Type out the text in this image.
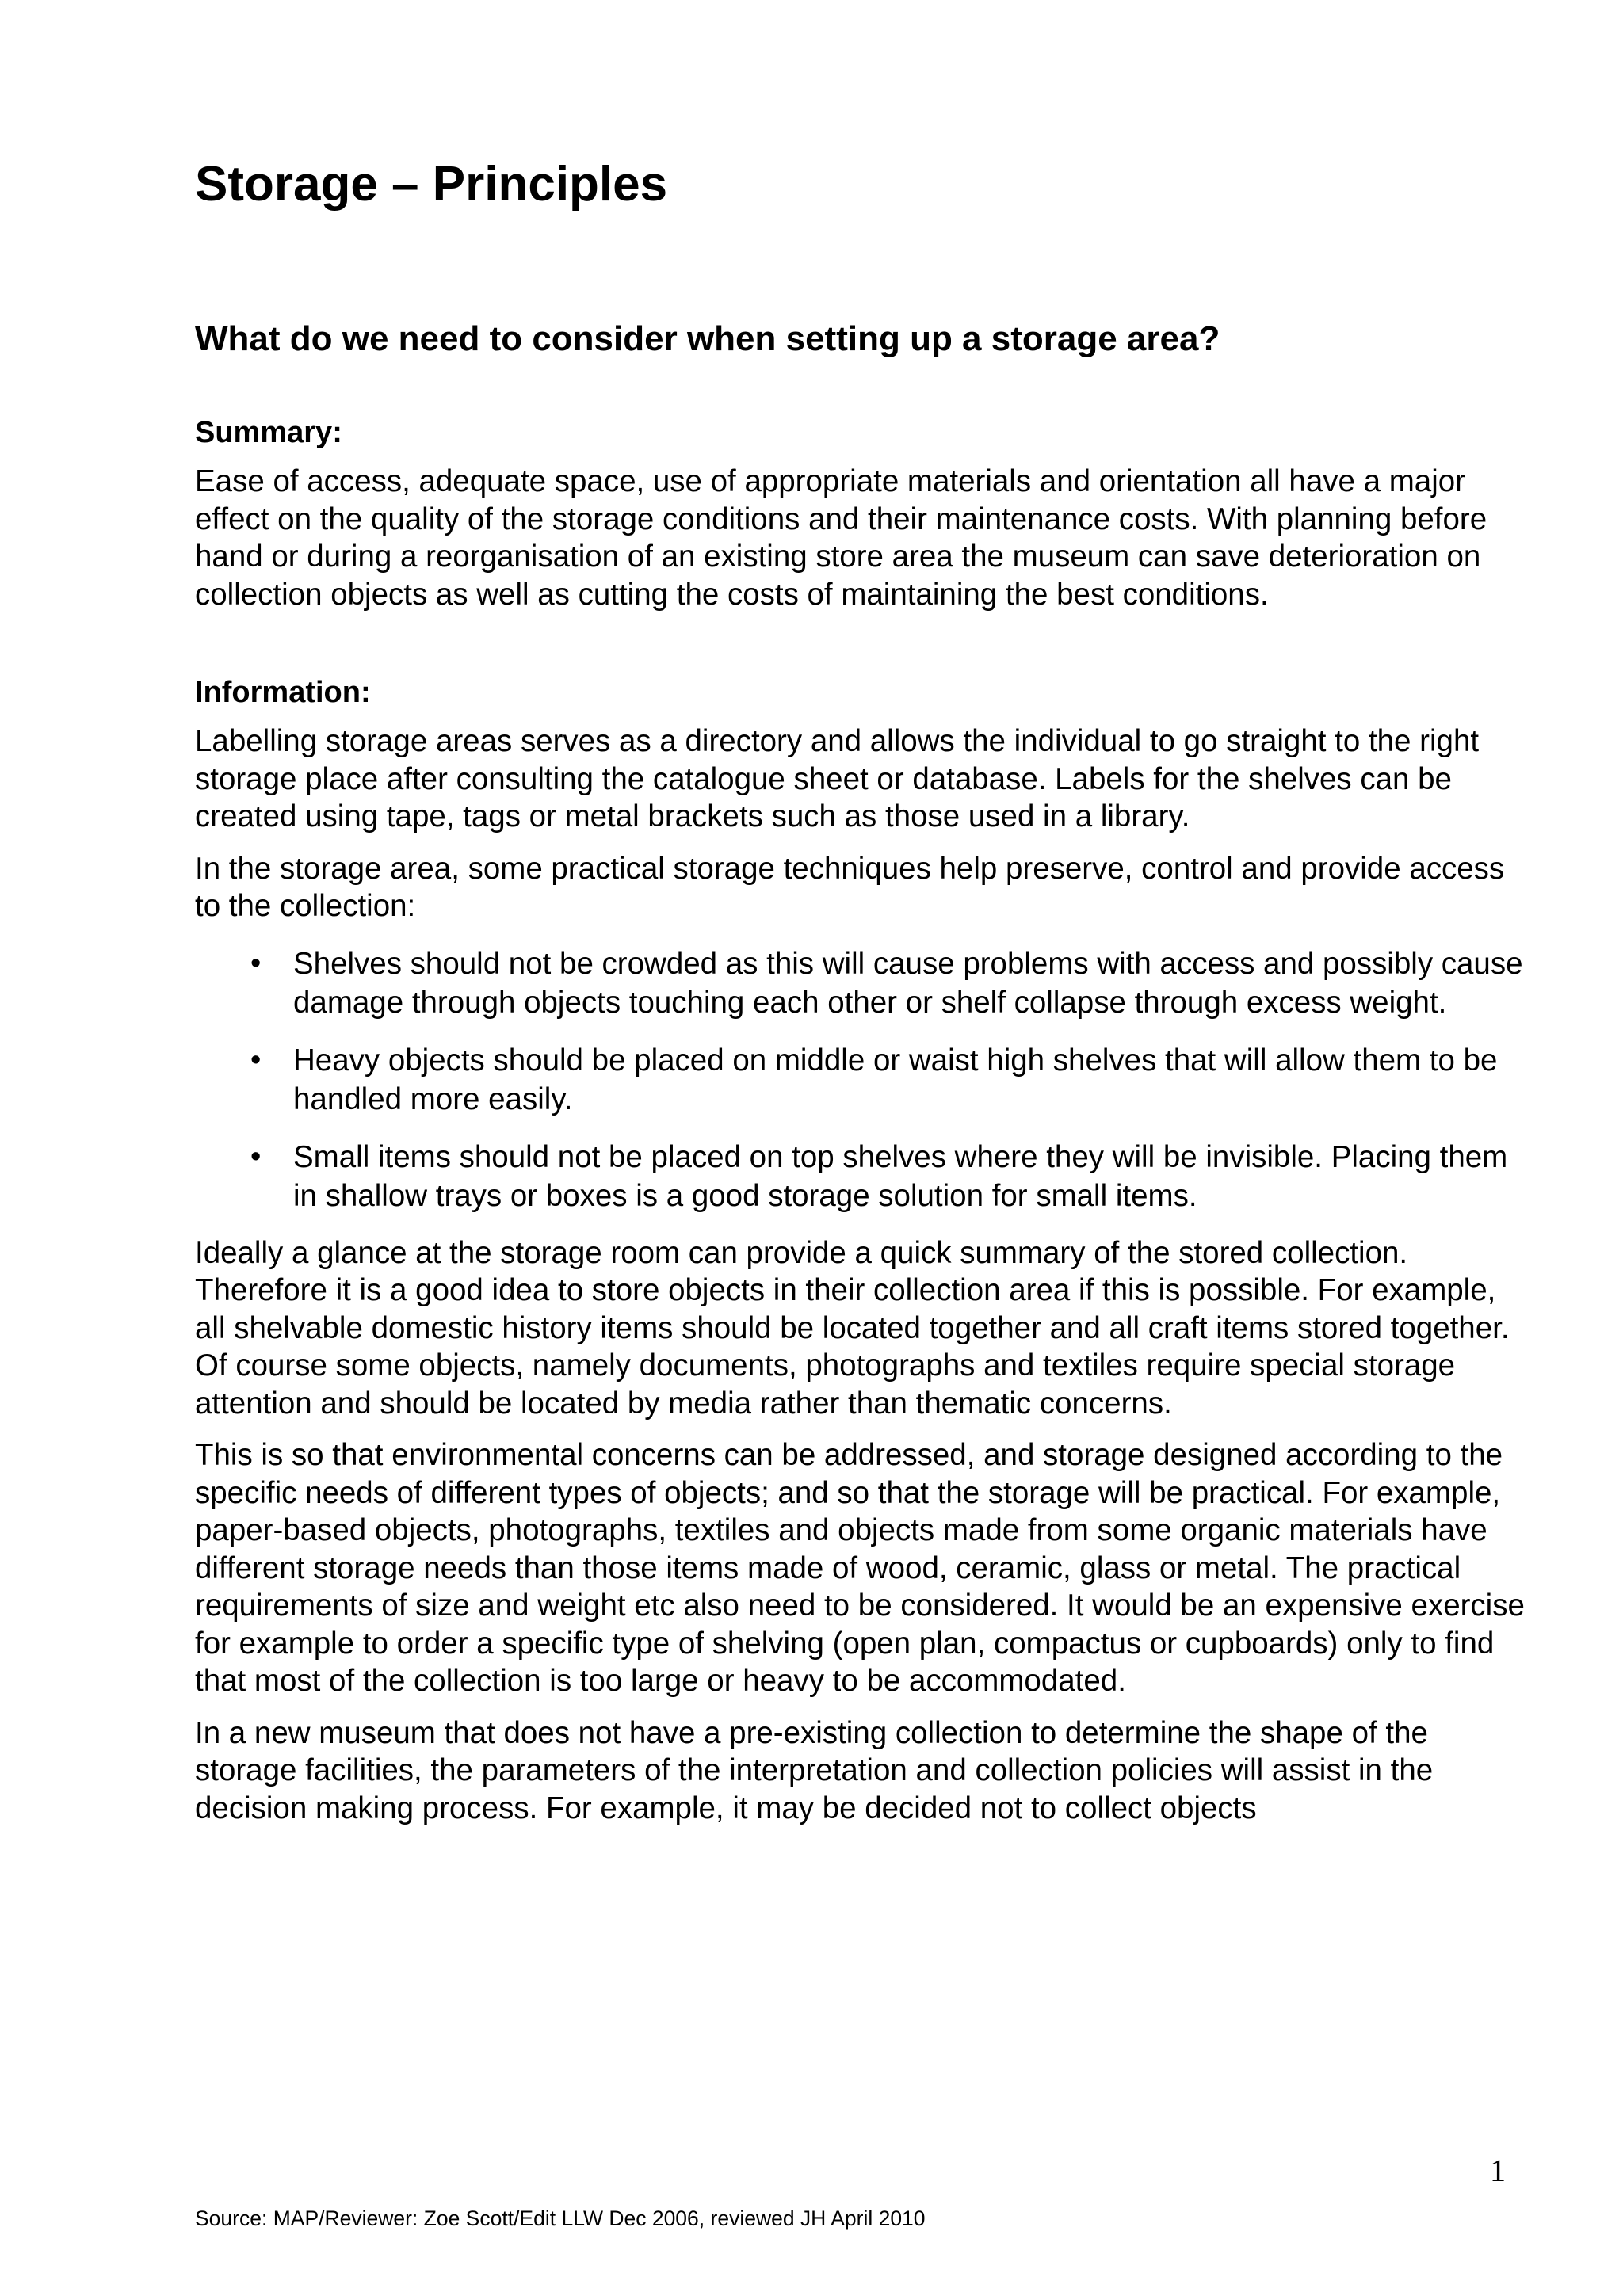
Storage – Principles
What do we need to consider when setting up a storage area?
Summary:

Ease of access, adequate space, use of appropriate materials and orientation all have a major effect on the quality of the storage conditions and their maintenance costs. With planning before hand or during a reorganisation of an existing store area the museum can save deterioration on collection objects as well as cutting the costs of maintaining the best conditions.

Information:

Labelling storage areas serves as a directory and allows the individual to go straight to the right storage place after consulting the catalogue sheet or database. Labels for the shelves can be created using tape, tags or metal brackets such as those used in a library.

In the storage area, some practical storage techniques help preserve, control and provide access to the collection:

• Shelves should not be crowded as this will cause problems with access and possibly cause damage through objects touching each other or shelf collapse through excess weight.
• Heavy objects should be placed on middle or waist high shelves that will allow them to be handled more easily.
• Small items should not be placed on top shelves where they will be invisible. Placing them in shallow trays or boxes is a good storage solution for small items.

Ideally a glance at the storage room can provide a quick summary of the stored collection. Therefore it is a good idea to store objects in their collection area if this is possible. For example, all shelvable domestic history items should be located together and all craft items stored together. Of course some objects, namely documents, photographs and textiles require special storage attention and should be located by media rather than thematic concerns.

This is so that environmental concerns can be addressed, and storage designed according to the specific needs of different types of objects; and so that the storage will be practical. For example, paper-based objects, photographs, textiles and objects made from some organic materials have different storage needs than those items made of wood, ceramic, glass or metal. The practical requirements of size and weight etc also need to be considered. It would be an expensive exercise for example to order a specific type of shelving (open plan, compactus or cupboards) only to find that most of the collection is too large or heavy to be accommodated.

In a new museum that does not have a pre-existing collection to determine the shape of the storage facilities, the parameters of the interpretation and collection policies will assist in the decision making process. For example, it may be decided not to collect objects

1
Source: MAP/Reviewer: Zoe Scott/Edit LLW Dec 2006, reviewed JH April 2010
